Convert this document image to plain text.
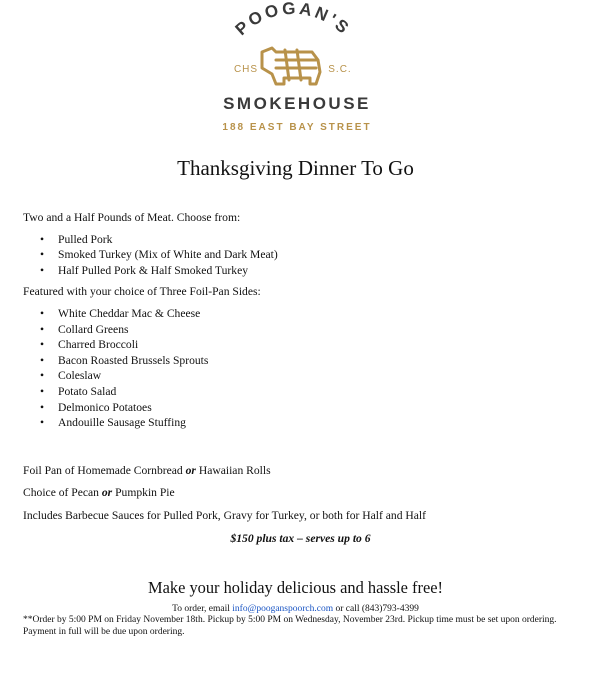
POOGAN'S
CHS	S.C.
SMOKEHOUSE
188 EAST BAY STREET
Thanksgiving Dinner To Go

Two and a Half Pounds of Meat. Choose from:

• Pulled Pork
• Smoked Turkey (Mix of White and Dark Meat)
• Half Pulled Pork & Half Smoked Turkey

Featured with your choice of Three Foil-Pan Sides:

• White Cheddar Mac & Cheese
• Collard Greens
• Charred Broccoli
• Bacon Roasted Brussels Sprouts
• Coleslaw
• Potato Salad
• Delmonico Potatoes
• Andouille Sausage Stuffing

Foil Pan of Homemade Cornbread or Hawaiian Rolls

Choice of Pecan or Pumpkin Pie

Includes Barbecue Sauces for Pulled Pork, Gravy for Turkey, or both for Half and Half

$150 plus tax – serves up to 6

Make your holiday delicious and hassle free!
To order, email info@pooganspoorch.com or call (843)793-4399
**Order by 5:00 PM on Friday November 18th. Pickup by 5:00 PM on Wednesday, November 23rd. Pickup time must be set upon ordering. Payment in full will be due upon ordering.
